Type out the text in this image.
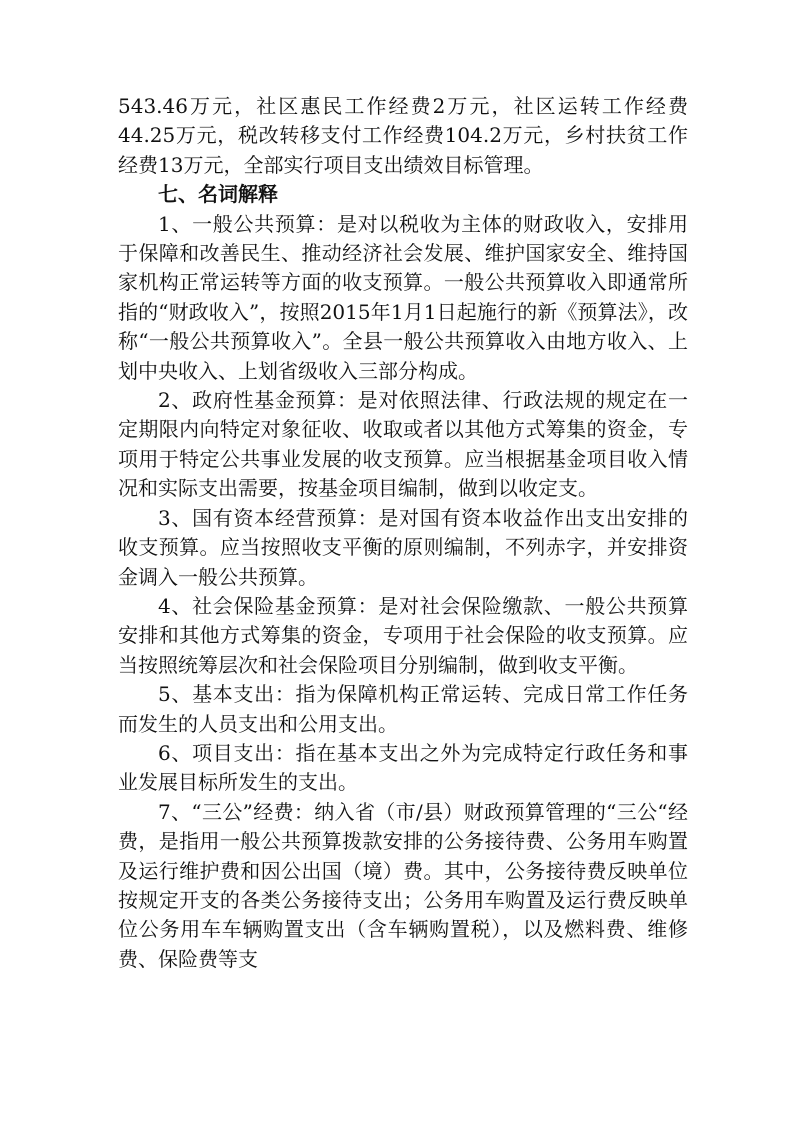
543.46万元，社区惠民工作经费2万元，社区运转工作经费44.25万元，税改转移支付工作经费104.2万元，乡村扶贫工作经费13万元，全部实行项目支出绩效目标管理。

七、名词解释

1、一般公共预算：是对以税收为主体的财政收入，安排用于保障和改善民生、推动经济社会发展、维护国家安全、维持国家机构正常运转等方面的收支预算。一般公共预算收入即通常所指的“财政收入”，按照2015年1月1日起施行的新《预算法》，改称“一般公共预算收入”。全县一般公共预算收入由地方收入、上划中央收入、上划省级收入三部分构成。

2、政府性基金预算：是对依照法律、行政法规的规定在一定期限内向特定对象征收、收取或者以其他方式筹集的资金，专项用于特定公共事业发展的收支预算。应当根据基金项目收入情况和实际支出需要，按基金项目编制，做到以收定支。

3、国有资本经营预算：是对国有资本收益作出支出安排的收支预算。应当按照收支平衡的原则编制，不列赤字，并安排资金调入一般公共预算。

4、社会保险基金预算：是对社会保险缴款、一般公共预算安排和其他方式筹集的资金，专项用于社会保险的收支预算。应当按照统筹层次和社会保险项目分别编制，做到收支平衡。

5、基本支出：指为保障机构正常运转、完成日常工作任务而发生的人员支出和公用支出。

6、项目支出：指在基本支出之外为完成特定行政任务和事业发展目标所发生的支出。

7、“三公”经费：纳入省（市/县）财政预算管理的“三公“经费，是指用一般公共预算拨款安排的公务接待费、公务用车购置及运行维护费和因公出国（境）费。其中，公务接待费反映单位按规定开支的各类公务接待支出；公务用车购置及运行费反映单位公务用车车辆购置支出（含车辆购置税），以及燃料费、维修费、保险费等支
